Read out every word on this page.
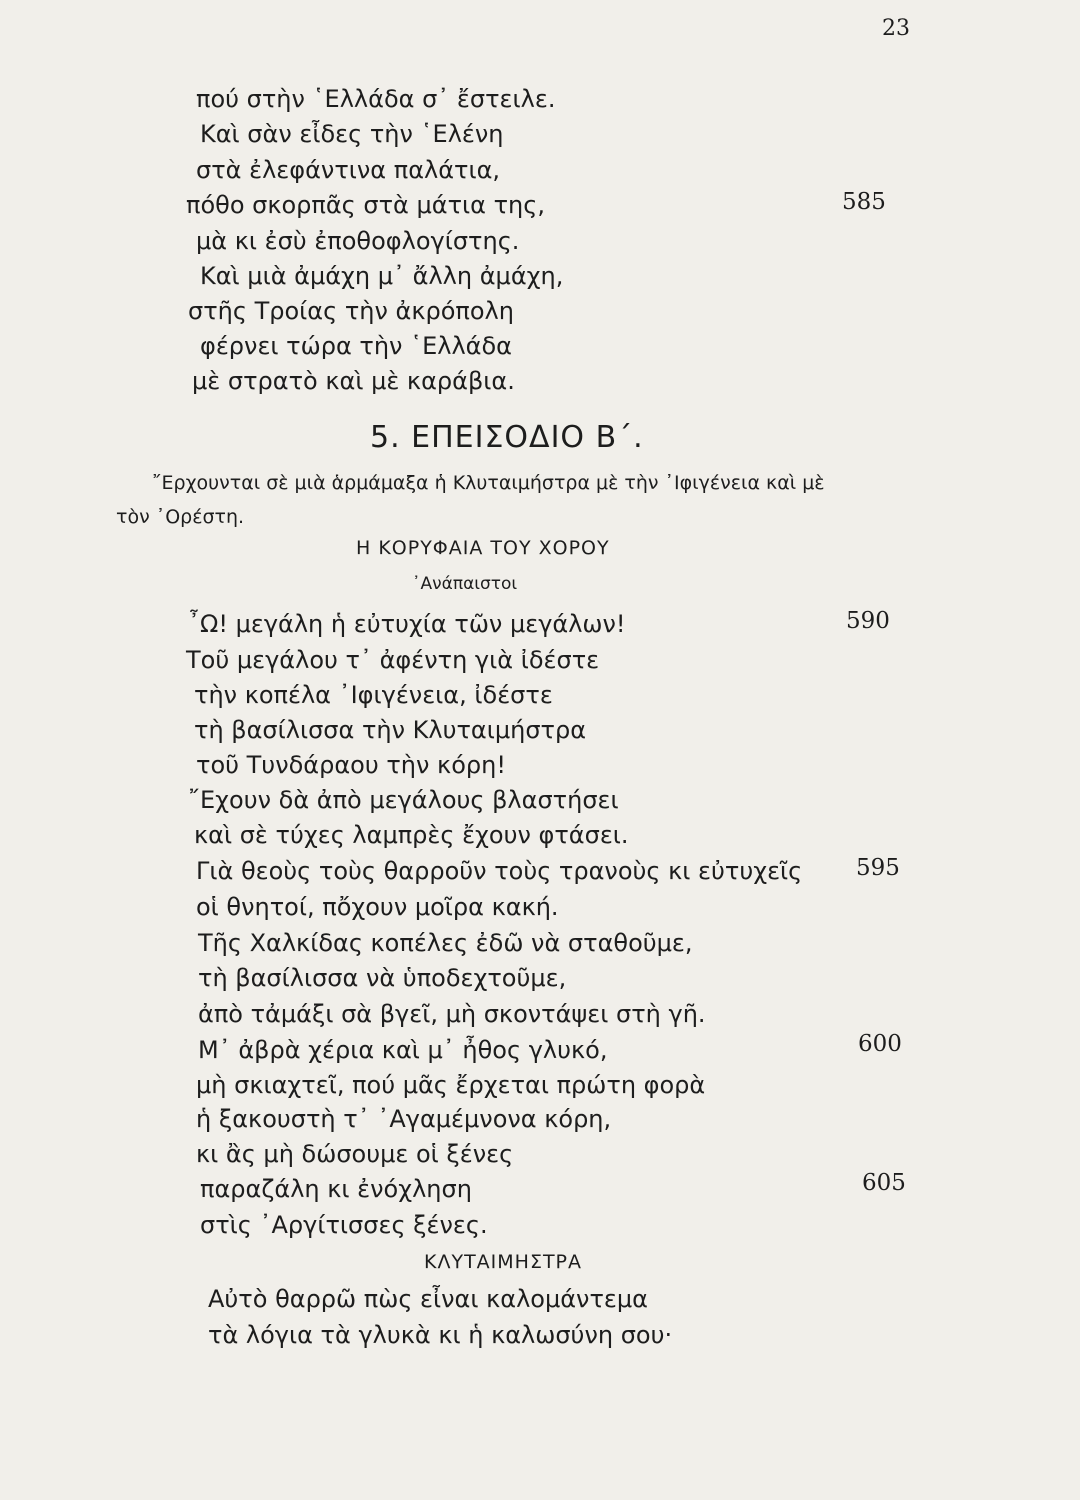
23
πού στὴν ῾Ελλάδα σ᾽ ἔστειλε.
Καὶ σὰν εἶδες τὴν ῾Ελένη
στὰ ἐλεφάντινα παλάτια,
πόθο σκορπᾶς στὰ μάτια της,
μὰ κι ἐσὺ ἐποθοφλογίστης.
Καὶ μιὰ ἀμάχη μ᾽ ἄλλη ἀμάχη,
στῆς Τροίας τὴν ἀκρόπολη
φέρνει τώρα τὴν ῾Ελλάδα
μὲ στρατὸ καὶ μὲ καράβια.
585
5. ΕΠΕΙΣΟΔΙΟ Β΄.
῎Ερχουνται σὲ μιὰ ἁρμάμαξα ἡ Κλυταιμήστρα μὲ τὴν ᾿Ιφιγένεια καὶ μὲ
τὸν ᾿Ορέστη.
Η ΚΟΡΥΦΑΙΑ ΤΟΥ ΧΟΡΟΥ
᾿Ανάπαιστοι
῏Ω! μεγάλη ἡ εὐτυχία τῶν μεγάλων!
Τοῦ μεγάλου τ᾽ ἀφέντη γιὰ ἰδέστε
τὴν κοπέλα ᾿Ιφιγένεια, ἰδέστε
τὴ βασίλισσα τὴν Κλυταιμήστρα
τοῦ Τυνδάραου τὴν κόρη!
῎Εχουν δὰ ἀπὸ μεγάλους βλαστήσει
καὶ σὲ τύχες λαμπρὲς ἔχουν φτάσει.
Γιὰ θεοὺς τοὺς θαρροῦν τοὺς τρανοὺς κι εὐτυχεῖς
οἱ θνητοί, πὄχουν μοῖρα κακή.
Τῆς Χαλκίδας κοπέλες ἐδῶ νὰ σταθοῦμε,
τὴ βασίλισσα νὰ ὑποδεχτοῦμε,
ἀπὸ τἀμάξι σὰ βγεῖ, μὴ σκοντάψει στὴ γῆ.
Μ᾽ ἀβρὰ χέρια καὶ μ᾽ ἦθος γλυκό,
μὴ σκιαχτεῖ, πού μᾶς ἔρχεται πρώτη φορὰ
ἡ ξακουστὴ τ᾽ ᾿Αγαμέμνονα κόρη,
κι ἂς μὴ δώσουμε οἱ ξένες
παραζάλη κι ἐνόχληση
στὶς ᾿Αργίτισσες ξένες.
590
595
600
605
ΚΛΥΤΑΙΜΗΣΤΡΑ
Αὐτὸ θαρρῶ πὼς εἶναι καλομάντεμα
τὰ λόγια τὰ γλυκὰ κι ἡ καλωσύνη σου·
